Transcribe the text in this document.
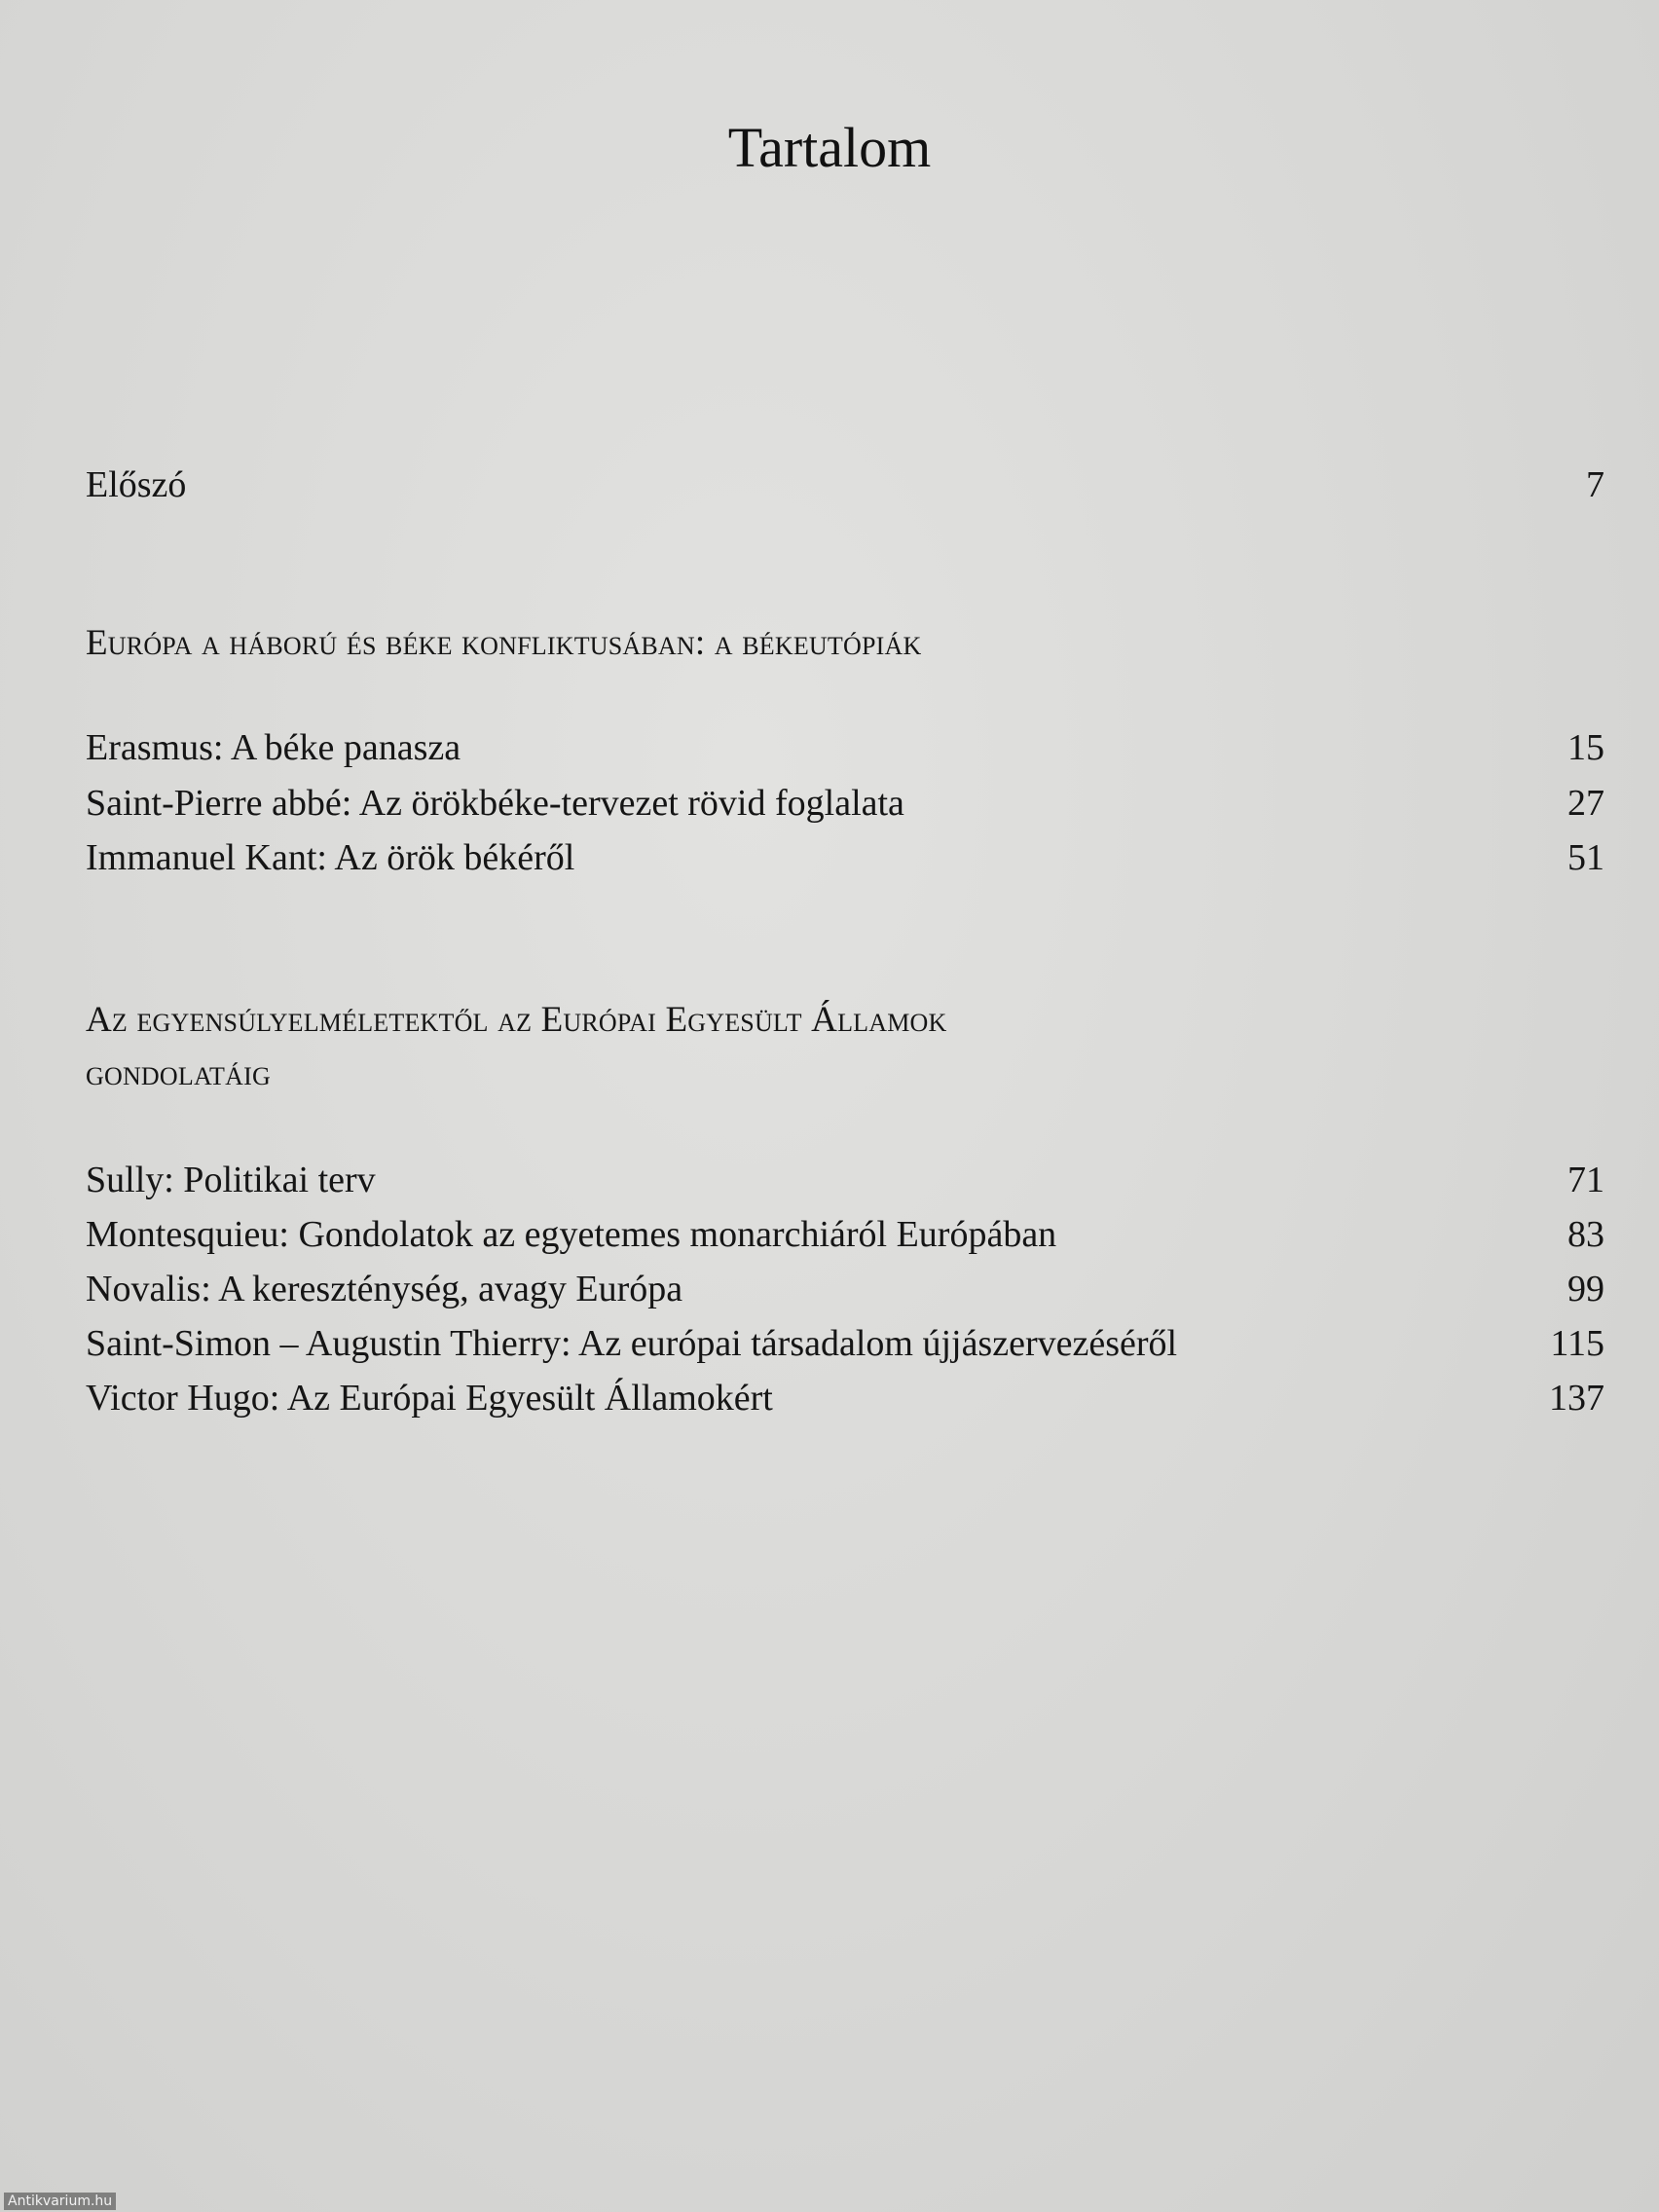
Tartalom
Előszó	7
Európa a háború és béke konfliktusában: a békeutópiák
Erasmus: A béke panasza	15
Saint-Pierre abbé: Az örökbéke-tervezet rövid foglalata	27
Immanuel Kant: Az örök békéről	51
Az egyensúlyelméletektől az Európai Egyesült Államok
gondolatáig
Sully: Politikai terv	71
Montesquieu: Gondolatok az egyetemes monarchiáról Európában	83
Novalis: A kereszténység, avagy Európa	99
Saint-Simon – Augustin Thierry: Az európai társadalom újjászervezéséről	115
Victor Hugo: Az Európai Egyesült Államokért	137
Antikvarium.hu
